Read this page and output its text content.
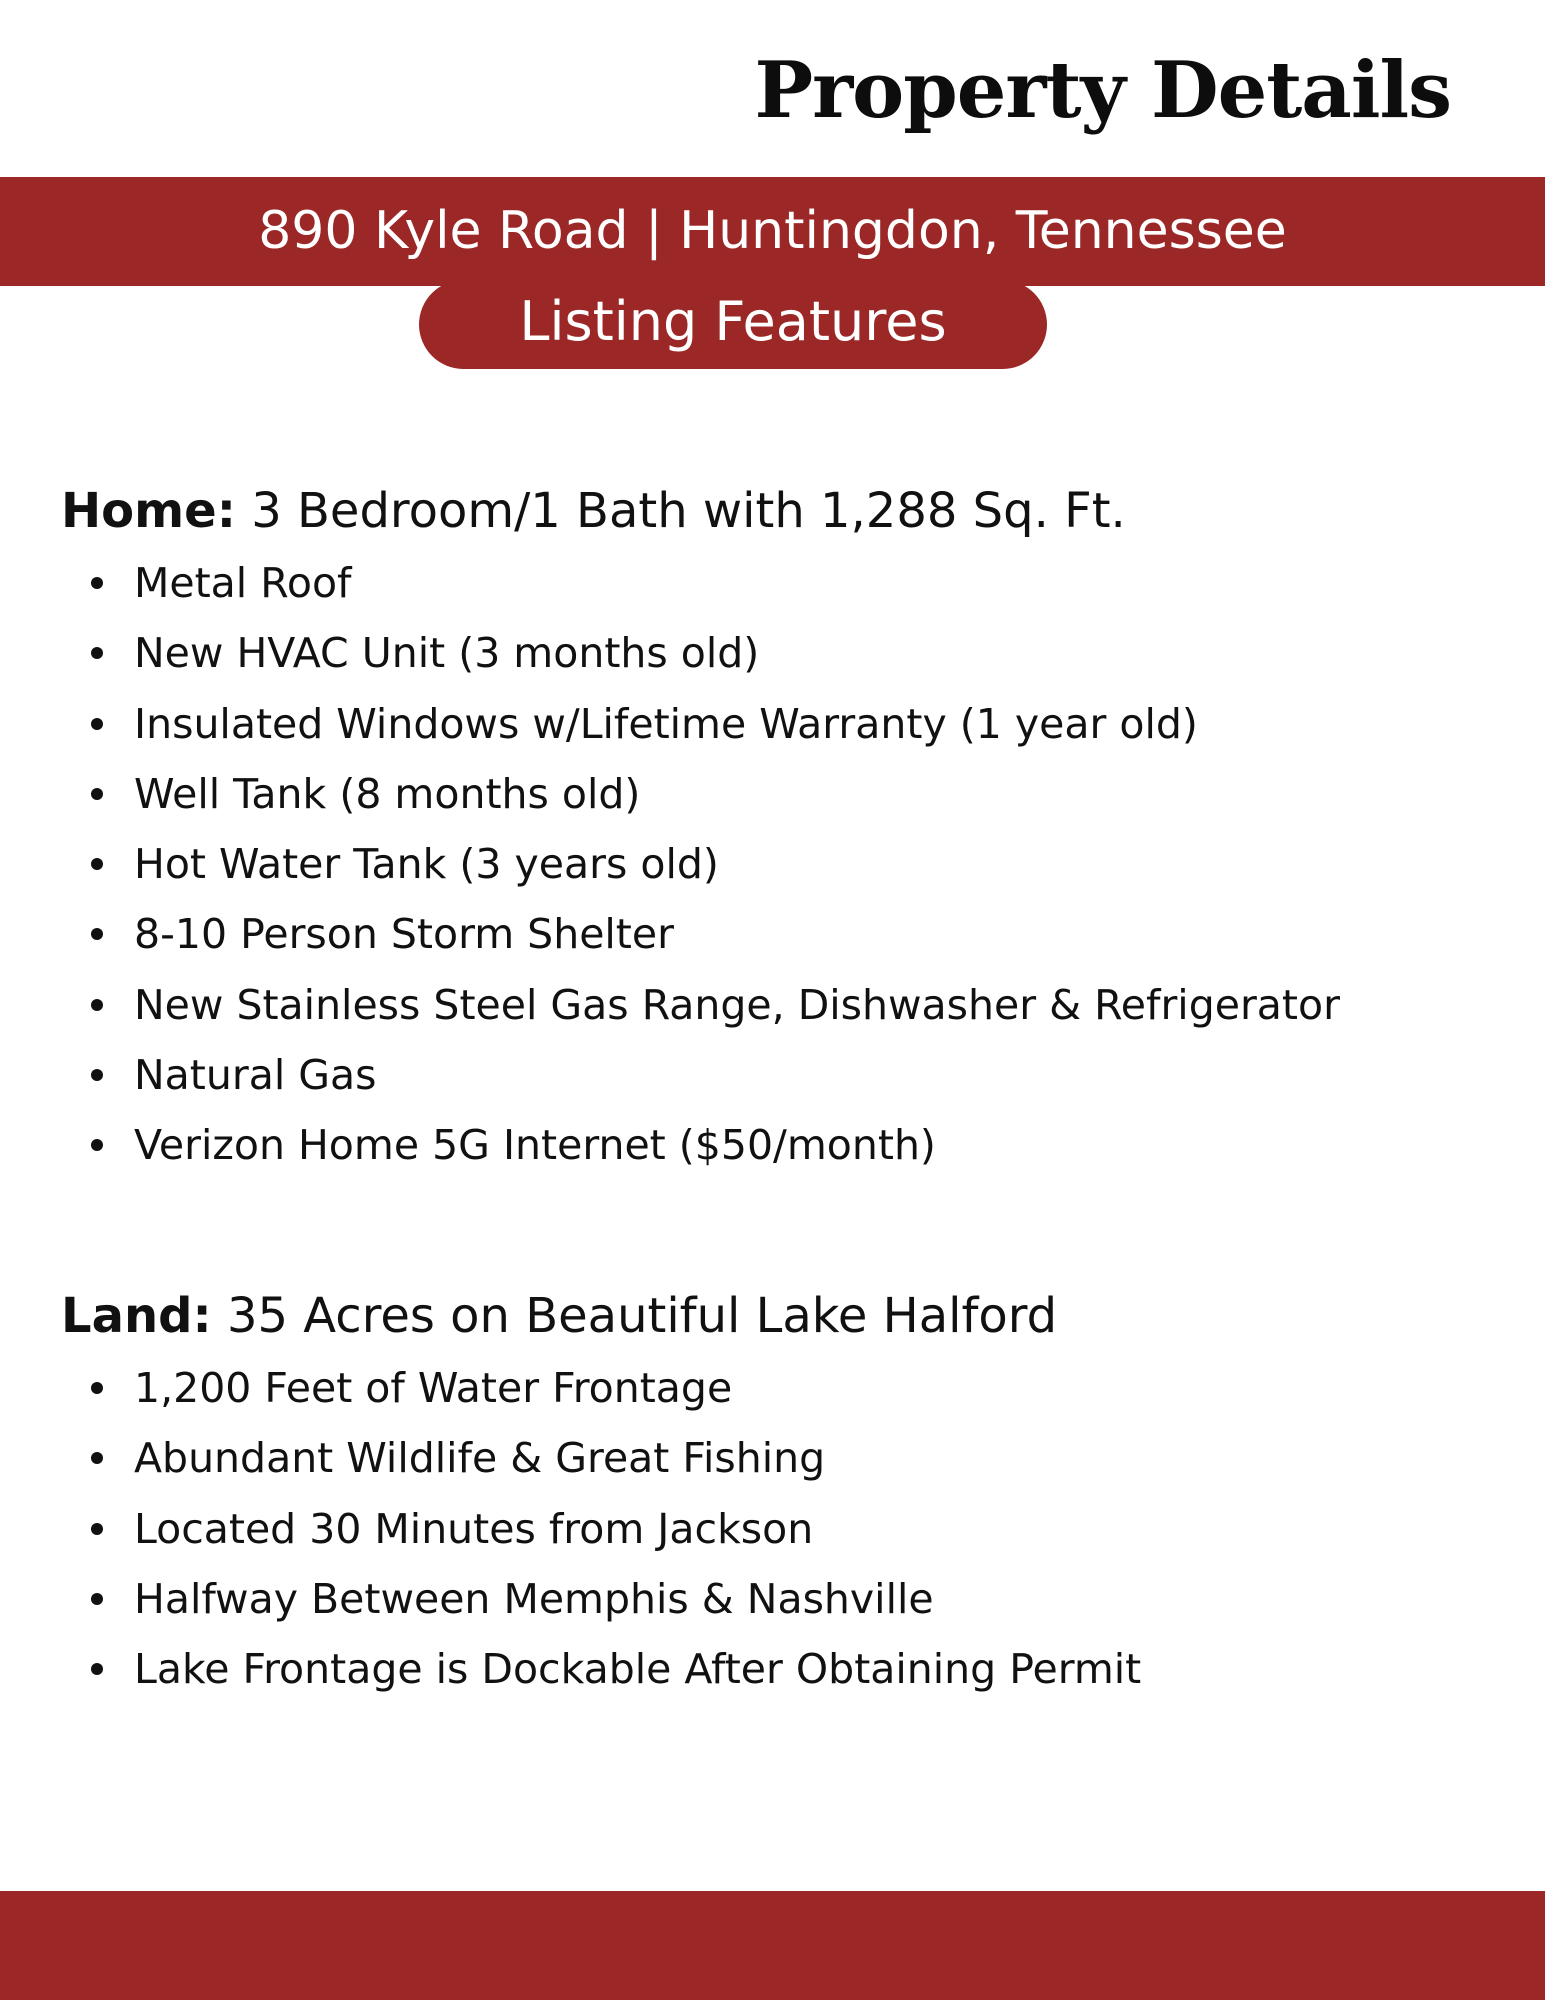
Property Details
890 Kyle Road | Huntingdon, Tennessee
Listing Features
Home: 3 Bedroom/1 Bath with 1,288 Sq. Ft.
Metal Roof
New HVAC Unit (3 months old)
Insulated Windows w/Lifetime Warranty (1 year old)
Well Tank (8 months old)
Hot Water Tank (3 years old)
8-10 Person Storm Shelter
New Stainless Steel Gas Range, Dishwasher & Refrigerator
Natural Gas
Verizon Home 5G Internet ($50/month)
Land: 35 Acres on Beautiful Lake Halford
1,200 Feet of Water Frontage
Abundant Wildlife & Great Fishing
Located 30 Minutes from Jackson
Halfway Between Memphis & Nashville
Lake Frontage is Dockable After Obtaining Permit
